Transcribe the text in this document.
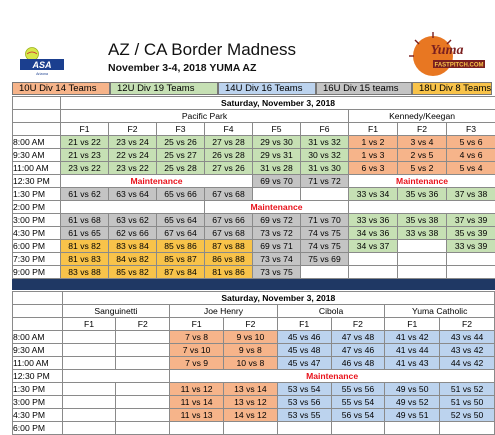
ASA
Arizona
AZ / CA Border Madness
November 3-4, 2018 YUMA AZ
Yuma
FASTPITCH.COM
10U Div 14 Teams	12U Div 19 Teams	14U Div 16 Teams	16U Div 15 teams	18U Div 8 Teams
	Saturday, November 3, 2018								
	Pacific Park						Kennedy/Keegan		
	F1	F2	F3	F4	F5	F6	F1	F2	F3
8:00 AM	21 vs 22	23 vs 24	25 vs 26	27 vs 28	29 vs 30	31 vs 32	1 vs 2	3 vs 4	5 vs 6
9:30 AM	21 vs 23	22 vs 24	25 vs 27	26 vs 28	29 vs 31	30 vs 32	1 vs 3	2 vs 5	4 vs 6
11:00 AM	23 vs 22	23 vs 22	25 vs 28	27 vs 26	31 vs 28	31 vs 30	6 vs 3	5 vs 2	5 vs 4
12:30 PM	Maintenance				69 vs 70	71 vs 72	Maintenance		
1:30 PM	61 vs 62	63 vs 64	65 vs 66	67 vs 68			33 vs 34	35 vs 36	37 vs 38
2:00 PM				Maintenance					
3:00 PM	61 vs 68	63 vs 62	65 vs 64	67 vs 66	69 vs 72	71 vs 70	33 vs 36	35 vs 38	37 vs 39
4:30 PM	61 vs 65	62 vs 66	67 vs 64	67 vs 68	73 vs 72	74 vs 75	34 vs 36	33 vs 38	35 vs 39
6:00 PM	81 vs 82	83 vs 84	85 vs 86	87 vs 88	69 vs 71	74 vs 75	34 vs 37		33 vs 39
7:30 PM	81 vs 83	84 vs 82	85 vs 87	86 vs 88	73 vs 74	75 vs 69			
9:00 PM	83 vs 88	85 vs 82	87 vs 84	81 vs 86	73 vs 75				
	Saturday, November 3, 2018							
	Sanguinetti		Joe Henry		Cibola		Yuma Catholic	
	F1	F2	F1	F2	F1	F2	F1	F2
8:00 AM			7 vs 8	9 vs 10	45 vs 46	47 vs 48	41 vs 42	43 vs 44
9:30 AM			7 vs 10	9 vs 8	45 vs 48	47 vs 46	41 vs 44	43 vs 42
11:00 AM			7 vs 9	10 vs 8	45 vs 47	46 vs 48	41 vs 43	44 vs 42
12:30 PM			Maintenance					
1:30 PM			11 vs 12	13 vs 14	53 vs 54	55 vs 56	49 vs 50	51 vs 52
3:00 PM			11 vs 14	13 vs 12	53 vs 56	55 vs 54	49 vs 52	51 vs 50
4:30 PM			11 vs 13	14 vs 12	53 vs 55	56 vs 54	49 vs 51	52 vs 50
6:00 PM								
